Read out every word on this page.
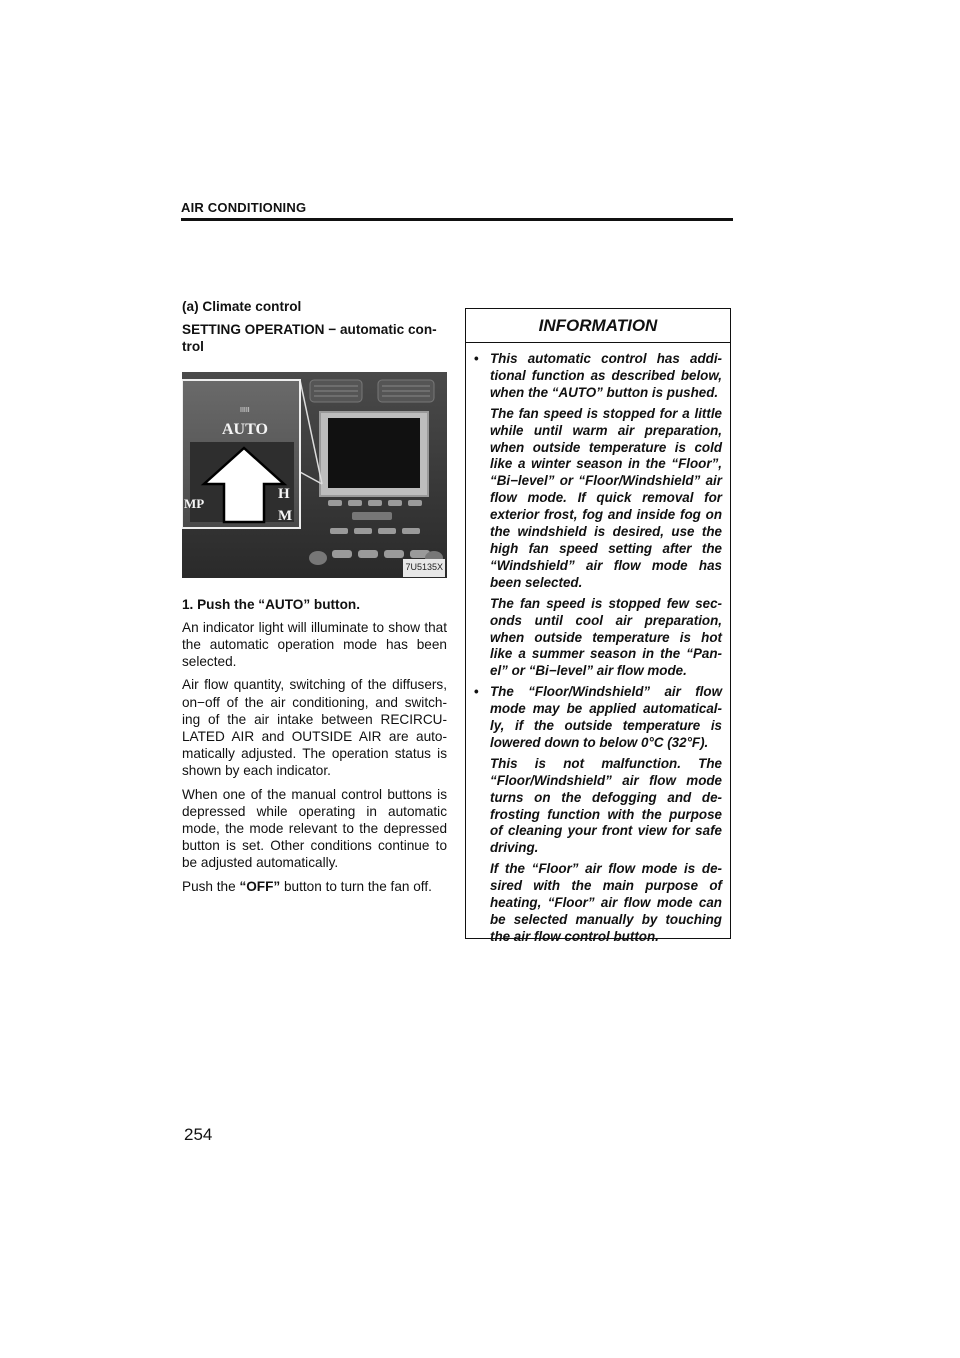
AIR CONDITIONING
(a) Climate control
SETTING OPERATION − automatic con-
trol
IIIII
AUTO
H
M
MP
7U5135X
1. Push the “AUTO” button.
An indicator light will illuminate to show that the automatic operation mode has been selected.
Air flow quantity, switching of the diffusers, on−off of the air conditioning, and switch-ing of the air intake between RECIRCU-LATED AIR and OUTSIDE AIR are auto-matically adjusted. The operation status is shown by each indicator.
When one of the manual control buttons is depressed while operating in automatic mode, the mode relevant to the depressed button is set. Other conditions continue to be adjusted automatically.
Push the “OFF” button to turn the fan off.
INFORMATION
• This automatic control has addi-tional function as described below, when the “AUTO” button is pushed.
The fan speed is stopped for a little while until warm air preparation, when outside temperature is cold like a winter season in the “Floor”, “Bi−level” or “Floor/Windshield” air flow mode. If quick removal for exterior frost, fog and inside fog on the windshield is desired, use the high fan speed setting after the “Windshield” air flow mode has been selected.
The fan speed is stopped few sec-onds until cool air preparation, when outside temperature is hot like a summer season in the “Pan-el” or “Bi−level” air flow mode.
• The “Floor/Windshield” air flow mode may be applied automatical-ly, if the outside temperature is lowered down to below 0°C (32°F).
This is not malfunction. The “Floor/Windshield” air flow mode turns on the defogging and de-frosting function with the purpose of cleaning your front view for safe driving.
If the “Floor” air flow mode is de-sired with the main purpose of heating, “Floor” air flow mode can be selected manually by touching the air flow control button.
254
